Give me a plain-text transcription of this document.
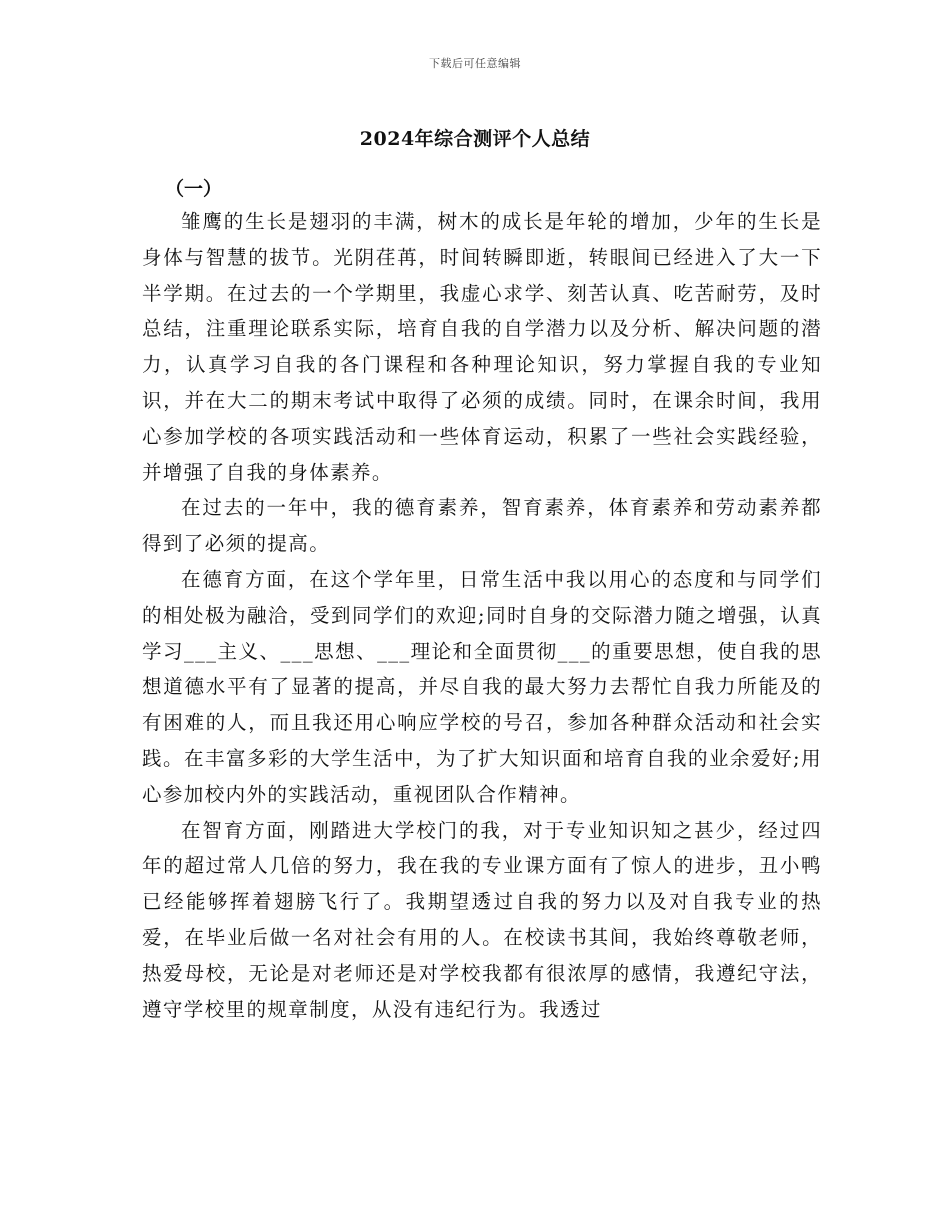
下载后可任意编辑
2024年综合测评个人总结
（一）

雏鹰的生长是翅羽的丰满，树木的成长是年轮的增加，少年的生长是身体与智慧的拔节。光阴荏苒，时间转瞬即逝，转眼间已经进入了大一下半学期。在过去的一个学期里，我虚心求学、刻苦认真、吃苦耐劳，及时总结，注重理论联系实际，培育自我的自学潜力以及分析、解决问题的潜力，认真学习自我的各门课程和各种理论知识，努力掌握自我的专业知识，并在大二的期末考试中取得了必须的成绩。同时，在课余时间，我用心参加学校的各项实践活动和一些体育运动，积累了一些社会实践经验，并增强了自我的身体素养。

在过去的一年中，我的德育素养，智育素养，体育素养和劳动素养都得到了必须的提高。

在德育方面，在这个学年里，日常生活中我以用心的态度和与同学们的相处极为融洽，受到同学们的欢迎;同时自身的交际潜力随之增强，认真学习___主义、___思想、___理论和全面贯彻___的重要思想，使自我的思想道德水平有了显著的提高，并尽自我的最大努力去帮忙自我力所能及的有困难的人，而且我还用心响应学校的号召，参加各种群众活动和社会实践。在丰富多彩的大学生活中，为了扩大知识面和培育自我的业余爱好;用心参加校内外的实践活动，重视团队合作精神。

在智育方面，刚踏进大学校门的我，对于专业知识知之甚少，经过四年的超过常人几倍的努力，我在我的专业课方面有了惊人的进步，丑小鸭已经能够挥着翅膀飞行了。我期望透过自我的努力以及对自我专业的热爱，在毕业后做一名对社会有用的人。在校读书其间，我始终尊敬老师，热爱母校，无论是对老师还是对学校我都有很浓厚的感情，我遵纪守法，遵守学校里的规章制度，从没有违纪行为。我透过
